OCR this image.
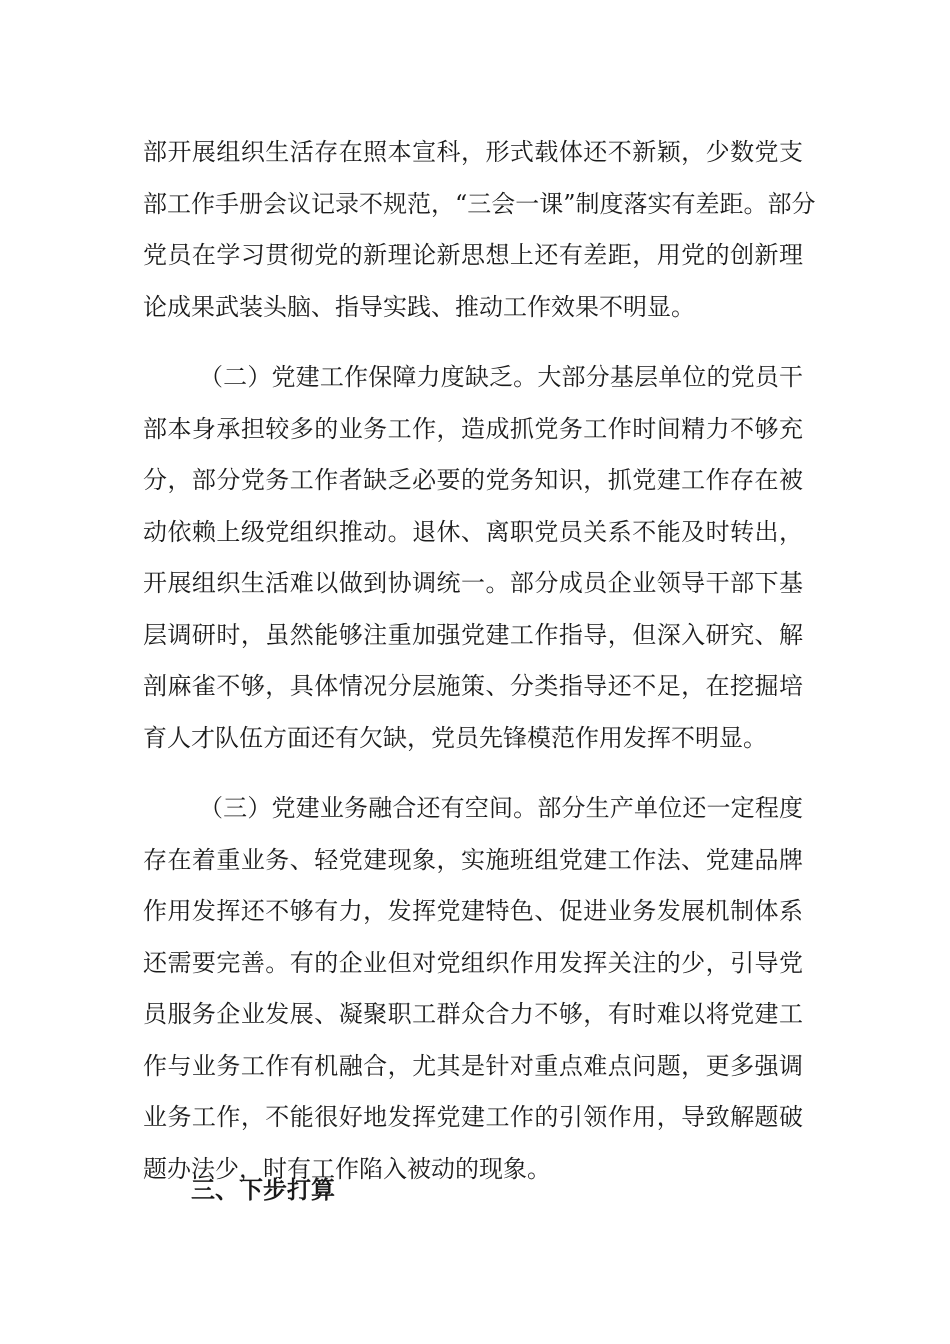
部开展组织生活存在照本宣科，形式载体还不新颖，少数党支
部工作手册会议记录不规范，“三会一课”制度落实有差距。部分
党员在学习贯彻党的新理论新思想上还有差距，用党的创新理
论成果武装头脑、指导实践、推动工作效果不明显。
（二）党建工作保障力度缺乏。大部分基层单位的党员干
部本身承担较多的业务工作，造成抓党务工作时间精力不够充
分，部分党务工作者缺乏必要的党务知识，抓党建工作存在被
动依赖上级党组织推动。退休、离职党员关系不能及时转出，
开展组织生活难以做到协调统一。部分成员企业领导干部下基
层调研时，虽然能够注重加强党建工作指导，但深入研究、解
剖麻雀不够，具体情况分层施策、分类指导还不足，在挖掘培
育人才队伍方面还有欠缺，党员先锋模范作用发挥不明显。
（三）党建业务融合还有空间。部分生产单位还一定程度
存在着重业务、轻党建现象，实施班组党建工作法、党建品牌
作用发挥还不够有力，发挥党建特色、促进业务发展机制体系
还需要完善。有的企业但对党组织作用发挥关注的少，引导党
员服务企业发展、凝聚职工群众合力不够，有时难以将党建工
作与业务工作有机融合，尤其是针对重点难点问题，更多强调
业务工作，不能很好地发挥党建工作的引领作用，导致解题破
题办法少，时有工作陷入被动的现象。
三、下步打算
